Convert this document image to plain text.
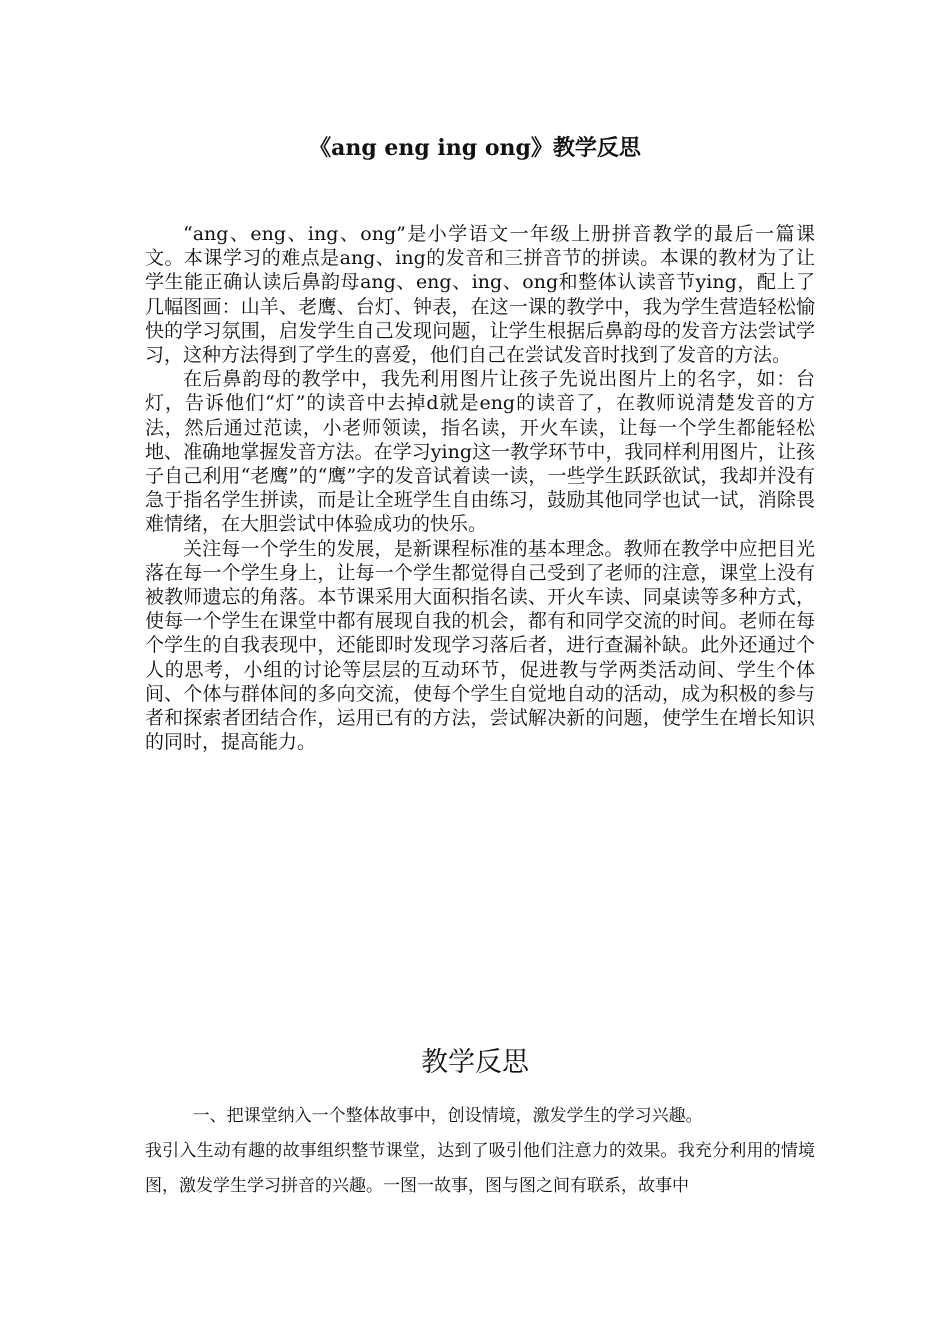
《ang eng ing ong》教学反思

“ang、eng、ing、ong”是小学语文一年级上册拼音教学的最后一篇课文。本课学习的难点是ang、ing的发音和三拼音节的拼读。本课的教材为了让学生能正确认读后鼻韵母ang、eng、ing、ong和整体认读音节ying，配上了几幅图画：山羊、老鹰、台灯、钟表，在这一课的教学中，我为学生营造轻松愉快的学习氛围，启发学生自己发现问题，让学生根据后鼻韵母的发音方法尝试学习，这种方法得到了学生的喜爱，他们自己在尝试发音时找到了发音的方法。

在后鼻韵母的教学中，我先利用图片让孩子先说出图片上的名字，如：台灯，告诉他们“灯”的读音中去掉d就是eng的读音了，在教师说清楚发音的方法，然后通过范读，小老师领读，指名读，开火车读，让每一个学生都能轻松地、准确地掌握发音方法。在学习ying这一教学环节中，我同样利用图片，让孩子自己利用“老鹰”的“鹰”字的发音试着读一读，一些学生跃跃欲试，我却并没有急于指名学生拼读，而是让全班学生自由练习，鼓励其他同学也试一试，消除畏难情绪，在大胆尝试中体验成功的快乐。

关注每一个学生的发展，是新课程标准的基本理念。教师在教学中应把目光落在每一个学生身上，让每一个学生都觉得自己受到了老师的注意，课堂上没有被教师遗忘的角落。本节课采用大面积指名读、开火车读、同桌读等多种方式，使每一个学生在课堂中都有展现自我的机会，都有和同学交流的时间。老师在每个学生的自我表现中，还能即时发现学习落后者，进行查漏补缺。此外还通过个人的思考，小组的讨论等层层的互动环节，促进教与学两类活动间、学生个体间、个体与群体间的多向交流，使每个学生自觉地自动的活动，成为积极的参与者和探索者团结合作，运用已有的方法，尝试解决新的问题，使学生在增长知识的同时，提高能力。

教学反思

一、把课堂纳入一个整体故事中，创设情境，激发学生的学习兴趣。

我引入生动有趣的故事组织整节课堂，达到了吸引他们注意力的效果。我充分利用的情境图，激发学生学习拼音的兴趣。一图一故事，图与图之间有联系，故事中
